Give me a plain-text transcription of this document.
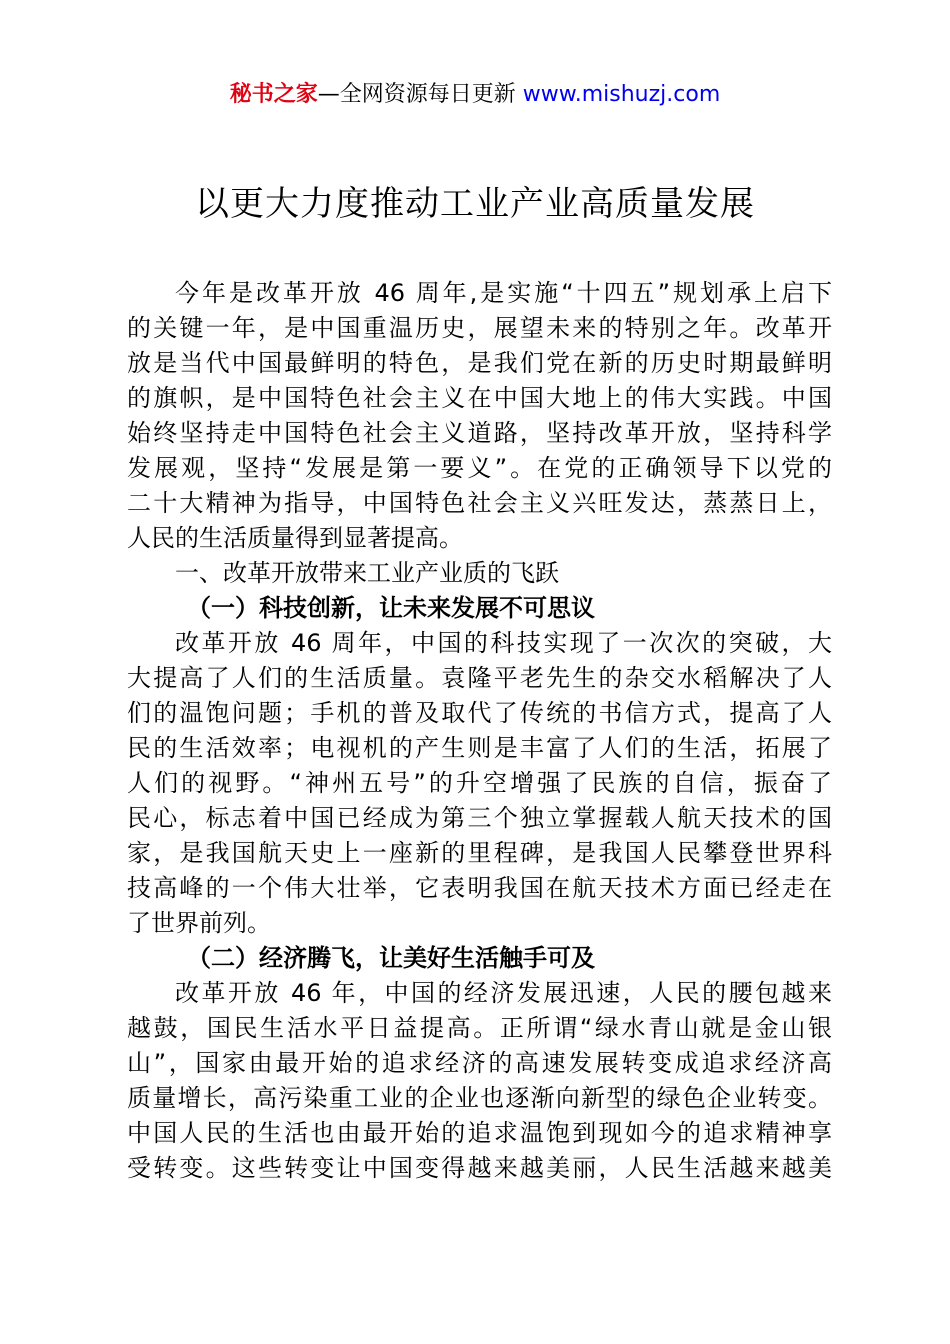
秘书之家—全网资源每日更新 www.mishuzj.com
以更大力度推动工业产业高质量发展
今年是改革开放 46 周年,是实施“十四五”规划承上启下
的关键一年，是中国重温历史，展望未来的特别之年。改革开
放是当代中国最鲜明的特色，是我们党在新的历史时期最鲜明
的旗帜，是中国特色社会主义在中国大地上的伟大实践。中国
始终坚持走中国特色社会主义道路，坚持改革开放，坚持科学
发展观，坚持“发展是第一要义”。在党的正确领导下以党的
二十大精神为指导，中国特色社会主义兴旺发达，蒸蒸日上，
人民的生活质量得到显著提高。
一、改革开放带来工业产业质的飞跃
（一）科技创新，让未来发展不可思议
改革开放 46 周年，中国的科技实现了一次次的突破，大
大提高了人们的生活质量。袁隆平老先生的杂交水稻解决了人
们的温饱问题；手机的普及取代了传统的书信方式，提高了人
民的生活效率；电视机的产生则是丰富了人们的生活，拓展了
人们的视野。“神州五号”的升空增强了民族的自信，振奋了
民心，标志着中国已经成为第三个独立掌握载人航天技术的国
家，是我国航天史上一座新的里程碑，是我国人民攀登世界科
技高峰的一个伟大壮举，它表明我国在航天技术方面已经走在
了世界前列。
（二）经济腾飞，让美好生活触手可及
改革开放 46 年，中国的经济发展迅速，人民的腰包越来
越鼓，国民生活水平日益提高。正所谓“绿水青山就是金山银
山”，国家由最开始的追求经济的高速发展转变成追求经济高
质量增长，高污染重工业的企业也逐渐向新型的绿色企业转变。
中国人民的生活也由最开始的追求温饱到现如今的追求精神享
受转变。这些转变让中国变得越来越美丽，人民生活越来越美
